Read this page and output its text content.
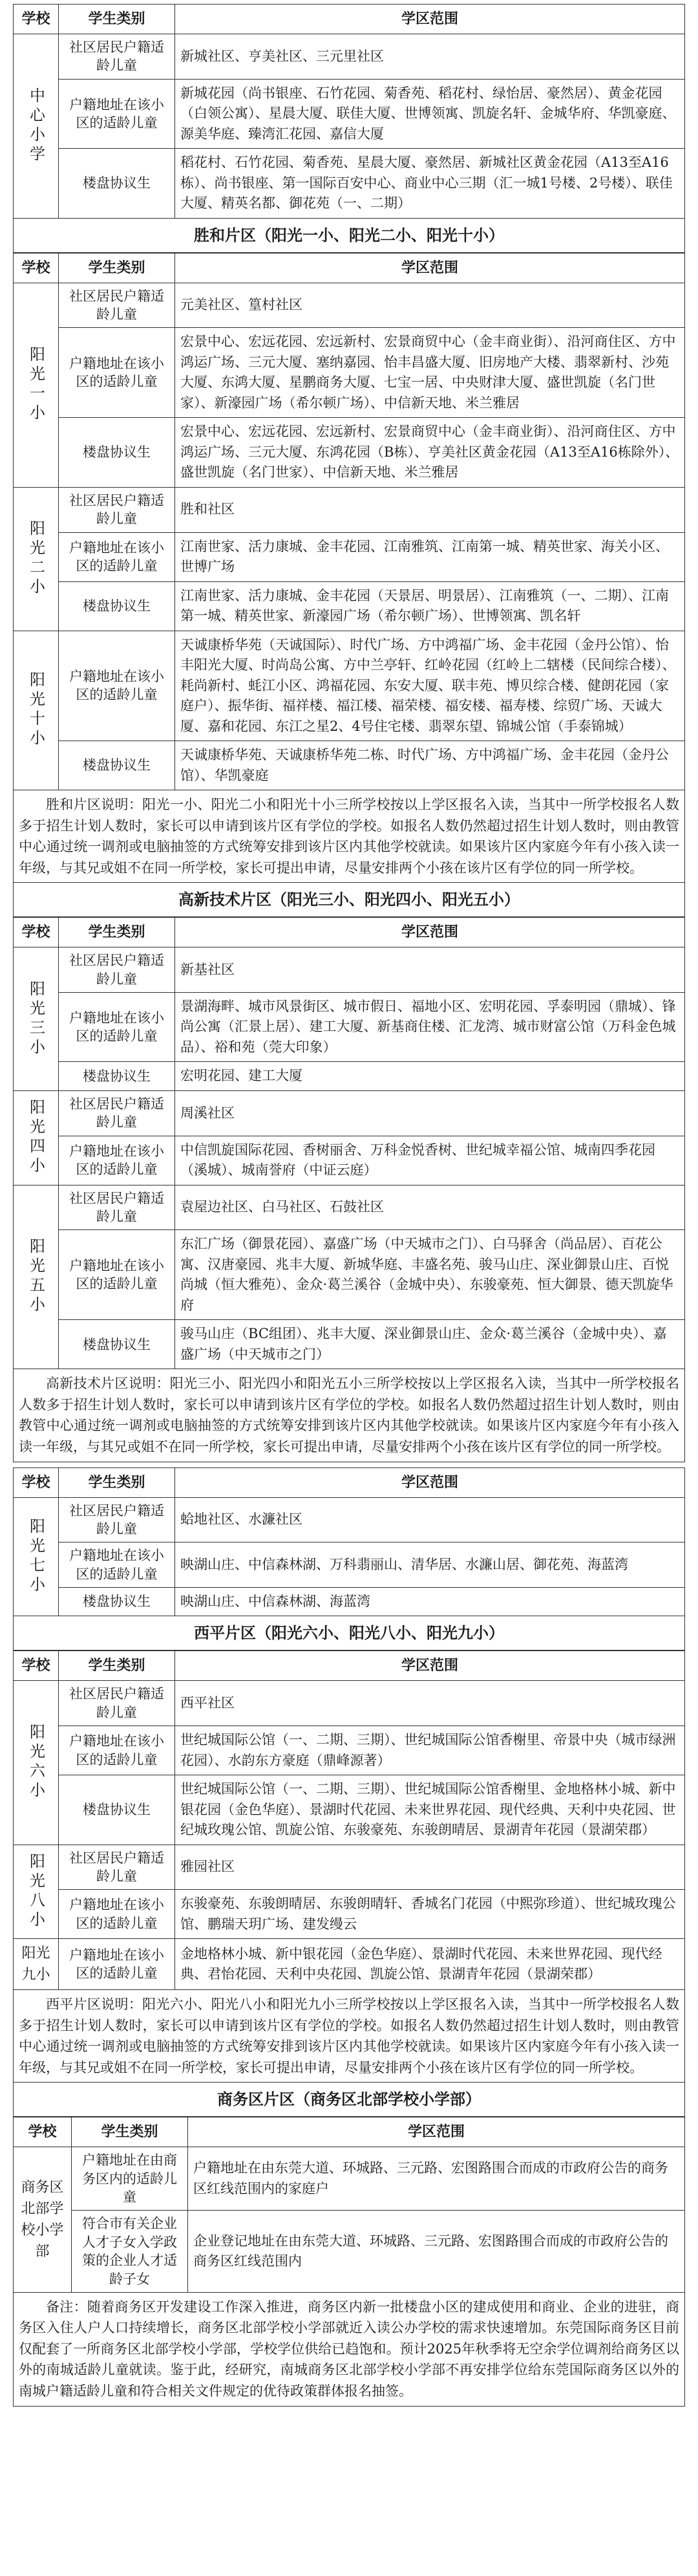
学校	学生类别	学区范围
中心小学	社区居民户籍适龄儿童	新城社区、亨美社区、三元里社区
	户籍地址在该小区的适龄儿童	新城花园（尚书银座、石竹花园、菊香苑、稻花村、绿怡居、豪然居）、黄金花园（白领公寓）、星晨大厦、联佳大厦、世博领寓、凯旋名轩、金城华府、华凯豪庭、源美华庭、臻湾汇花园、嘉信大厦
	楼盘协议生	稻花村、石竹花园、菊香苑、星晨大厦、豪然居、新城社区黄金花园（A13至A16栋）、尚书银座、第一国际百安中心、商业中心三期（汇一城1号楼、2号楼）、联佳大厦、精英名都、御花苑（一、二期）
胜和片区（阳光一小、阳光二小、阳光十小）
学校	学生类别	学区范围
阳光一小	社区居民户籍适龄儿童	元美社区、篁村社区
	户籍地址在该小区的适龄儿童	宏景中心、宏远花园、宏远新村、宏景商贸中心（金丰商业街）、沿河商住区、方中鸿运广场、三元大厦、塞纳嘉园、怡丰昌盛大厦、旧房地产大楼、翡翠新村、沙苑大厦、东鸿大厦、星鹏商务大厦、七宝一居、中央财津大厦、盛世凯旋（名门世家）、新濠园广场（希尔顿广场）、中信新天地、米兰雅居
	楼盘协议生	宏景中心、宏远花园、宏远新村、宏景商贸中心（金丰商业街）、沿河商住区、方中鸿运广场、三元大厦、东鸿花园（B栋）、亨美社区黄金花园（A13至A16栋除外）、盛世凯旋（名门世家）、中信新天地、米兰雅居
阳光二小	社区居民户籍适龄儿童	胜和社区
	户籍地址在该小区的适龄儿童	江南世家、活力康城、金丰花园、江南雅筑、江南第一城、精英世家、海关小区、世博广场
	楼盘协议生	江南世家、活力康城、金丰花园（天景居、明景居）、江南雅筑（一、二期）、江南第一城、精英世家、新濠园广场（希尔顿广场）、世博领寓、凯名轩
阳光十小	户籍地址在该小区的适龄儿童	天诚康桥华苑（天诚国际）、时代广场、方中鸿福广场、金丰花园（金丹公馆）、怡丰阳光大厦、时尚岛公寓、方中兰亭轩、红岭花园（红岭上二辖楼（民间综合楼）、耗尚新村、蚝江小区、鸿福花园、东安大厦、联丰苑、博贝综合楼、健朗花园（家庭户）、振华街、福祥楼、福江楼、福荣楼、福安楼、福寿楼、综贸广场、天诚大厦、嘉和花园、东江之星2、4号住宅楼、翡翠东望、锦城公馆（手泰锦城）
	楼盘协议生	天诚康桥华苑、天诚康桥华苑二栋、时代广场、方中鸿福广场、金丰花园（金丹公馆）、华凯豪庭
胜和片区说明：阳光一小、阳光二小和阳光十小三所学校按以上学区报名入读，当其中一所学校报名人数多于招生计划人数时，家长可以申请到该片区有学位的学校。如报名人数仍然超过招生计划人数时，则由教管中心通过统一调剂或电脑抽签的方式统筹安排到该片区内其他学校就读。如果该片区内家庭今年有小孩入读一年级，与其兄或姐不在同一所学校，家长可提出申请，尽量安排两个小孩在该片区有学位的同一所学校。		
高新技术片区（阳光三小、阳光四小、阳光五小）
学校	学生类别	学区范围
阳光三小	社区居民户籍适龄儿童	新基社区
	户籍地址在该小区的适龄儿童	景湖海畔、城市风景街区、城市假日、福地小区、宏明花园、孚泰明园（鼎城）、锋尚公寓（汇景上居）、建工大厦、新基商住楼、汇龙湾、城市财富公馆（万科金色城品）、裕和苑（莞大印象）
	楼盘协议生	宏明花园、建工大厦
阳光四小	社区居民户籍适龄儿童	周溪社区
	户籍地址在该小区的适龄儿童	中信凯旋国际花园、香树丽舍、万科金悦香树、世纪城幸福公馆、城南四季花园（溪城）、城南誉府（中证云庭）
阳光五小	社区居民户籍适龄儿童	袁屋边社区、白马社区、石鼓社区
	户籍地址在该小区的适龄儿童	东汇广场（御景花园）、嘉盛广场（中天城市之门）、白马驿舍（尚品居）、百花公寓、汉唐豪园、兆丰大厦、新城华庭、丰盛名苑、骏马山庄、深业御景山庄、百悦尚城（恒大雅苑）、金众·葛兰溪谷（金城中央）、东骏豪苑、恒大御景、德天凯旋华府
	楼盘协议生	骏马山庄（BC组团）、兆丰大厦、深业御景山庄、金众·葛兰溪谷（金城中央）、嘉盛广场（中天城市之门）
高新技术片区说明：阳光三小、阳光四小和阳光五小三所学校按以上学区报名入读，当其中一所学校报名人数多于招生计划人数时，家长可以申请到该片区有学位的学校。如报名人数仍然超过招生计划人数时，则由教管中心通过统一调剂或电脑抽签的方式统筹安排到该片区内其他学校就读。如果该片区内家庭今年有小孩入读一年级，与其兄或姐不在同一所学校，家长可提出申请，尽量安排两个小孩在该片区有学位的同一所学校。		
学校	学生类别	学区范围
阳光七小	社区居民户籍适龄儿童	蛤地社区、水濂社区
	户籍地址在该小区的适龄儿童	映湖山庄、中信森林湖、万科翡丽山、清华居、水濂山居、御花苑、海蓝湾
	楼盘协议生	映湖山庄、中信森林湖、海蓝湾
西平片区（阳光六小、阳光八小、阳光九小）
学校	学生类别	学区范围
阳光六小	社区居民户籍适龄儿童	西平社区
	户籍地址在该小区的适龄儿童	世纪城国际公馆（一、二期、三期）、世纪城国际公馆香榭里、帝景中央（城市绿洲花园）、水韵东方豪庭（鼎峰源著）
	楼盘协议生	世纪城国际公馆（一、二期、三期）、世纪城国际公馆香榭里、金地格林小城、新中银花园（金色华庭）、景湖时代花园、未来世界花园、现代经典、天利中央花园、世纪城玫瑰公馆、凯旋公馆、东骏豪苑、东骏朗晴居、景湖青年花园（景湖荣郡）
阳光八小	社区居民户籍适龄儿童	雅园社区
	户籍地址在该小区的适龄儿童	东骏豪苑、东骏朗晴居、东骏朗晴轩、香城名门花园（中熙弥珍道）、世纪城玫瑰公馆、鹏瑞天玥广场、建发缦云
阳光九小	户籍地址在该小区的适龄儿童	金地格林小城、新中银花园（金色华庭）、景湖时代花园、未来世界花园、现代经典、君怡花园、天利中央花园、凯旋公馆、景湖青年花园（景湖荣郡）
西平片区说明：阳光六小、阳光八小和阳光九小三所学校按以上学区报名入读，当其中一所学校报名人数多于招生计划人数时，家长可以申请到该片区有学位的学校。如报名人数仍然超过招生计划人数时，则由教管中心通过统一调剂或电脑抽签的方式统筹安排到该片区内其他学校就读。如果该片区内家庭今年有小孩入读一年级，与其兄或姐不在同一所学校，家长可提出申请，尽量安排两个小孩在该片区有学位的同一所学校。		
商务区片区（商务区北部学校小学部）
学校	学生类别	学区范围
商务区北部学校小学部	户籍地址在由商务区内的适龄儿童	户籍地址在由东莞大道、环城路、三元路、宏图路围合而成的市政府公告的商务区红线范围内的家庭户
	符合市有关企业人才子女入学政策的企业人才适龄子女	企业登记地址在由东莞大道、环城路、三元路、宏图路围合而成的市政府公告的商务区红线范围内
备注：随着商务区开发建设工作深入推进，商务区内新一批楼盘小区的建成使用和商业、企业的进驻，商务区入住人户人口持续增长，商务区北部学校小学部就近入读公办学校的需求快速增加。东莞国际商务区目前仅配套了一所商务区北部学校小学部，学校学位供给已趋饱和。预计2025年秋季将无空余学位调剂给商务区以外的南城适龄儿童就读。鉴于此，经研究，南城商务区北部学校小学部不再安排学位给东莞国际商务区以外的南城户籍适龄儿童和符合相关文件规定的优待政策群体报名抽签。		
